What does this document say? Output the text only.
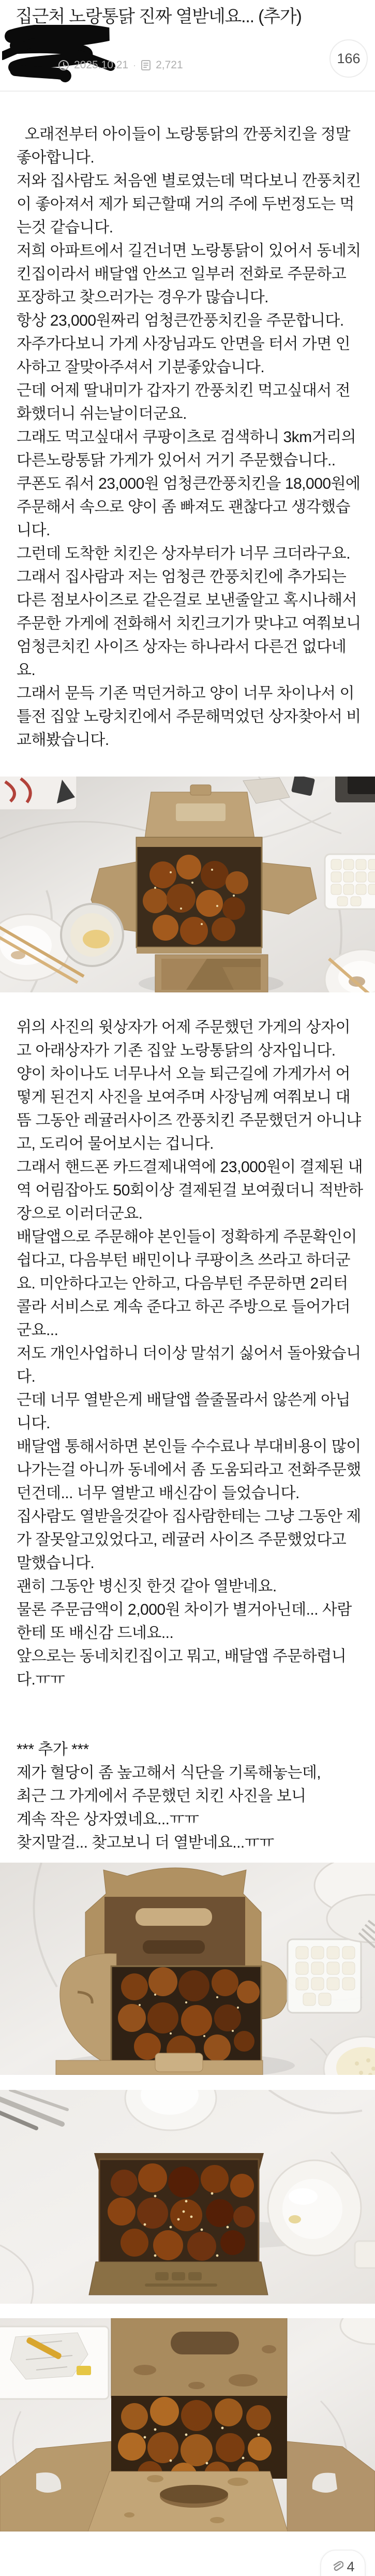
집근처 노랑통닭 진짜 열받네요... (추가)
2025.10.21 · 2,721	166

오래전부터 아이들이 노랑통닭의 깐풍치킨을 정말 좋아합니다.

저와 집사람도 처음엔 별로였는데 먹다보니 깐풍치킨이 좋아져서 제가 퇴근할때 거의 주에 두번정도는 먹는것 같습니다.

저희 아파트에서 길건너면 노랑통닭이 있어서 동네치킨집이라서 배달앱 안쓰고 일부러 전화로 주문하고 포장하고 찾으러가는 경우가 많습니다.

항상 23,000원짜리 엄청큰깐풍치킨을 주문합니다.

자주가다보니 가게 사장님과도 안면을 터서 가면 인사하고 잘맞아주셔서 기분좋았습니다.

근데 어제 딸내미가 갑자기 깐풍치킨 먹고싶대서 전화했더니 쉬는날이더군요.

그래도 먹고싶대서 쿠팡이츠로 검색하니 3km거리의 다른노랑통닭 가게가 있어서 거기 주문했습니다..

쿠폰도 줘서 23,000원 엄청큰깐풍치킨을 18,000원에 주문해서 속으로 양이 좀 빠져도 괜찮다고 생각했습니다.

그런데 도착한 치킨은 상자부터가 너무 크더라구요.

그래서 집사람과 저는 엄청큰 깐풍치킨에 추가되는 다른 점보사이즈로 같은걸로 보낸줄알고 혹시나해서 주문한 가게에 전화해서 치킨크기가 맞냐고 여쭤보니 엄청큰치킨 사이즈 상자는 하나라서 다른건 없다네요.

그래서 문득 기존 먹던거하고 양이 너무 차이나서 이틀전 집앞 노랑치킨에서 주문해먹었던 상자찾아서 비교해봤습니다.

위의 사진의 윗상자가 어제 주문했던 가게의 상자이고 아래상자가 기존 집앞 노랑통닭의 상자입니다.

양이 차이나도 너무나서 오늘 퇴근길에 가게가서 어떻게 된건지 사진을 보여주며 사장님께 여쭤보니 대뜸 그동안 레귤러사이즈 깐풍치킨 주문했던거 아니냐고, 도리어 물어보시는 겁니다.

그래서 핸드폰 카드결제내역에 23,000원이 결제된 내역 어림잡아도 50회이상 결제된걸 보여줬더니 적반하장으로 이러더군요.

배달앱으로 주문해야 본인들이 정확하게 주문확인이 쉽다고, 다음부턴 배민이나 쿠팡이츠 쓰라고 하더군요. 미안하다고는 안하고, 다음부턴 주문하면 2리터 콜라 서비스로 계속 준다고 하곤 주방으로 들어가더군요...

저도 개인사업하니 더이상 말섞기 싫어서 돌아왔습니다.

근데 너무 열받은게 배달앱 쓸줄몰라서 않쓴게 아닙니다.

배달앱 통해서하면 본인들 수수료나 부대비용이 많이 나가는걸 아니까 동네에서 좀 도움되라고 전화주문했던건데... 너무 열받고 배신감이 들었습니다.

집사람도 열받을것같아 집사람한테는 그냥 그동안 제가 잘못알고있었다고, 레귤러 사이즈 주문했었다고 말했습니다.

괜히 그동안 병신짓 한것 같아 열받네요.

물론 주문금액이 2,000원 차이가 별거아닌데... 사람한테 또 배신감 드네요...

앞으로는 동네치킨집이고 뭐고, 배달앱 주문하렵니다.ㅠㅠ

*** 추가 ***

제가 혈당이 좀 높고해서 식단을 기록해놓는데,

최근 그 가게에서 주문했던 치킨 사진을 보니

계속 작은 상자였네요...ㅠㅠ

찾지말걸... 찾고보니 더 열받네요...ㅠㅠ

4
